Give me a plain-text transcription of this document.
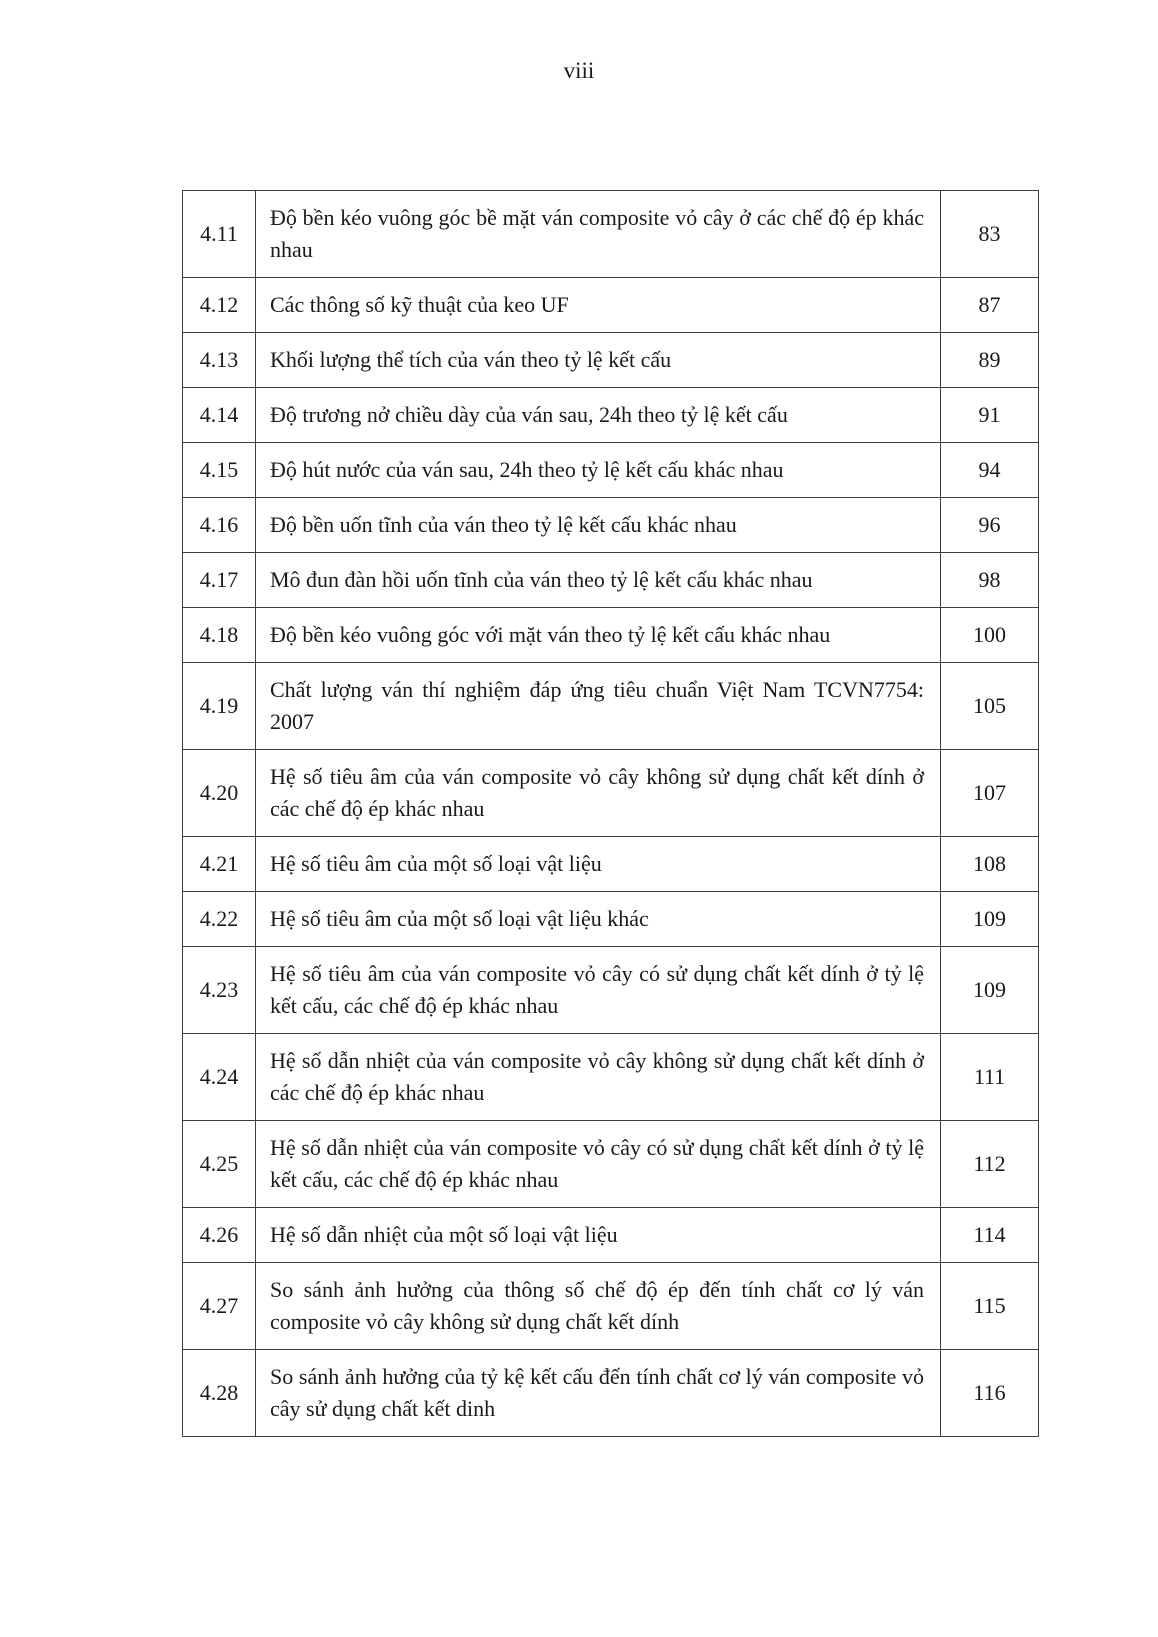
viii
4.11	Độ bền kéo vuông góc bề mặt ván composite vỏ cây ở các chế độ ép khác nhau	83
4.12	Các thông số kỹ thuật của keo UF	87
4.13	Khối lượng thể tích của ván theo tỷ lệ kết cấu	89
4.14	Độ trương nở chiều dày của ván sau, 24h theo tỷ lệ kết cấu	91
4.15	Độ hút nước của ván sau, 24h theo tỷ lệ kết cấu khác nhau	94
4.16	Độ bền uốn tĩnh của ván theo tỷ lệ kết cấu khác nhau	96
4.17	Mô đun đàn hồi uốn tĩnh của ván theo tỷ lệ kết cấu khác nhau	98
4.18	Độ bền kéo vuông góc với mặt ván theo tỷ lệ kết cấu khác nhau	100
4.19	Chất lượng ván thí nghiệm đáp ứng tiêu chuẩn Việt Nam TCVN7754: 2007	105
4.20	Hệ số tiêu âm của ván composite vỏ cây không sử dụng chất kết dính ở các chế độ ép khác nhau	107
4.21	Hệ số tiêu âm của một số loại vật liệu	108
4.22	Hệ số tiêu âm của một số loại vật liệu khác	109
4.23	Hệ số tiêu âm của ván composite vỏ cây có sử dụng chất kết dính ở tỷ lệ kết cấu, các chế độ ép khác nhau	109
4.24	Hệ số dẫn nhiệt của ván composite vỏ cây không sử dụng chất kết dính ở các chế độ ép khác nhau	111
4.25	Hệ số dẫn nhiệt của ván composite vỏ cây có sử dụng chất kết dính ở tỷ lệ kết cấu, các chế độ ép khác nhau	112
4.26	Hệ số dẫn nhiệt của một số loại vật liệu	114
4.27	So sánh ảnh hưởng của thông số chế độ ép đến tính chất cơ lý ván composite vỏ cây không sử dụng chất kết dính	115
4.28	So sánh ảnh hưởng của tỷ kệ kết cấu đến tính chất cơ lý ván composite vỏ cây sử dụng chất kết dinh	116
